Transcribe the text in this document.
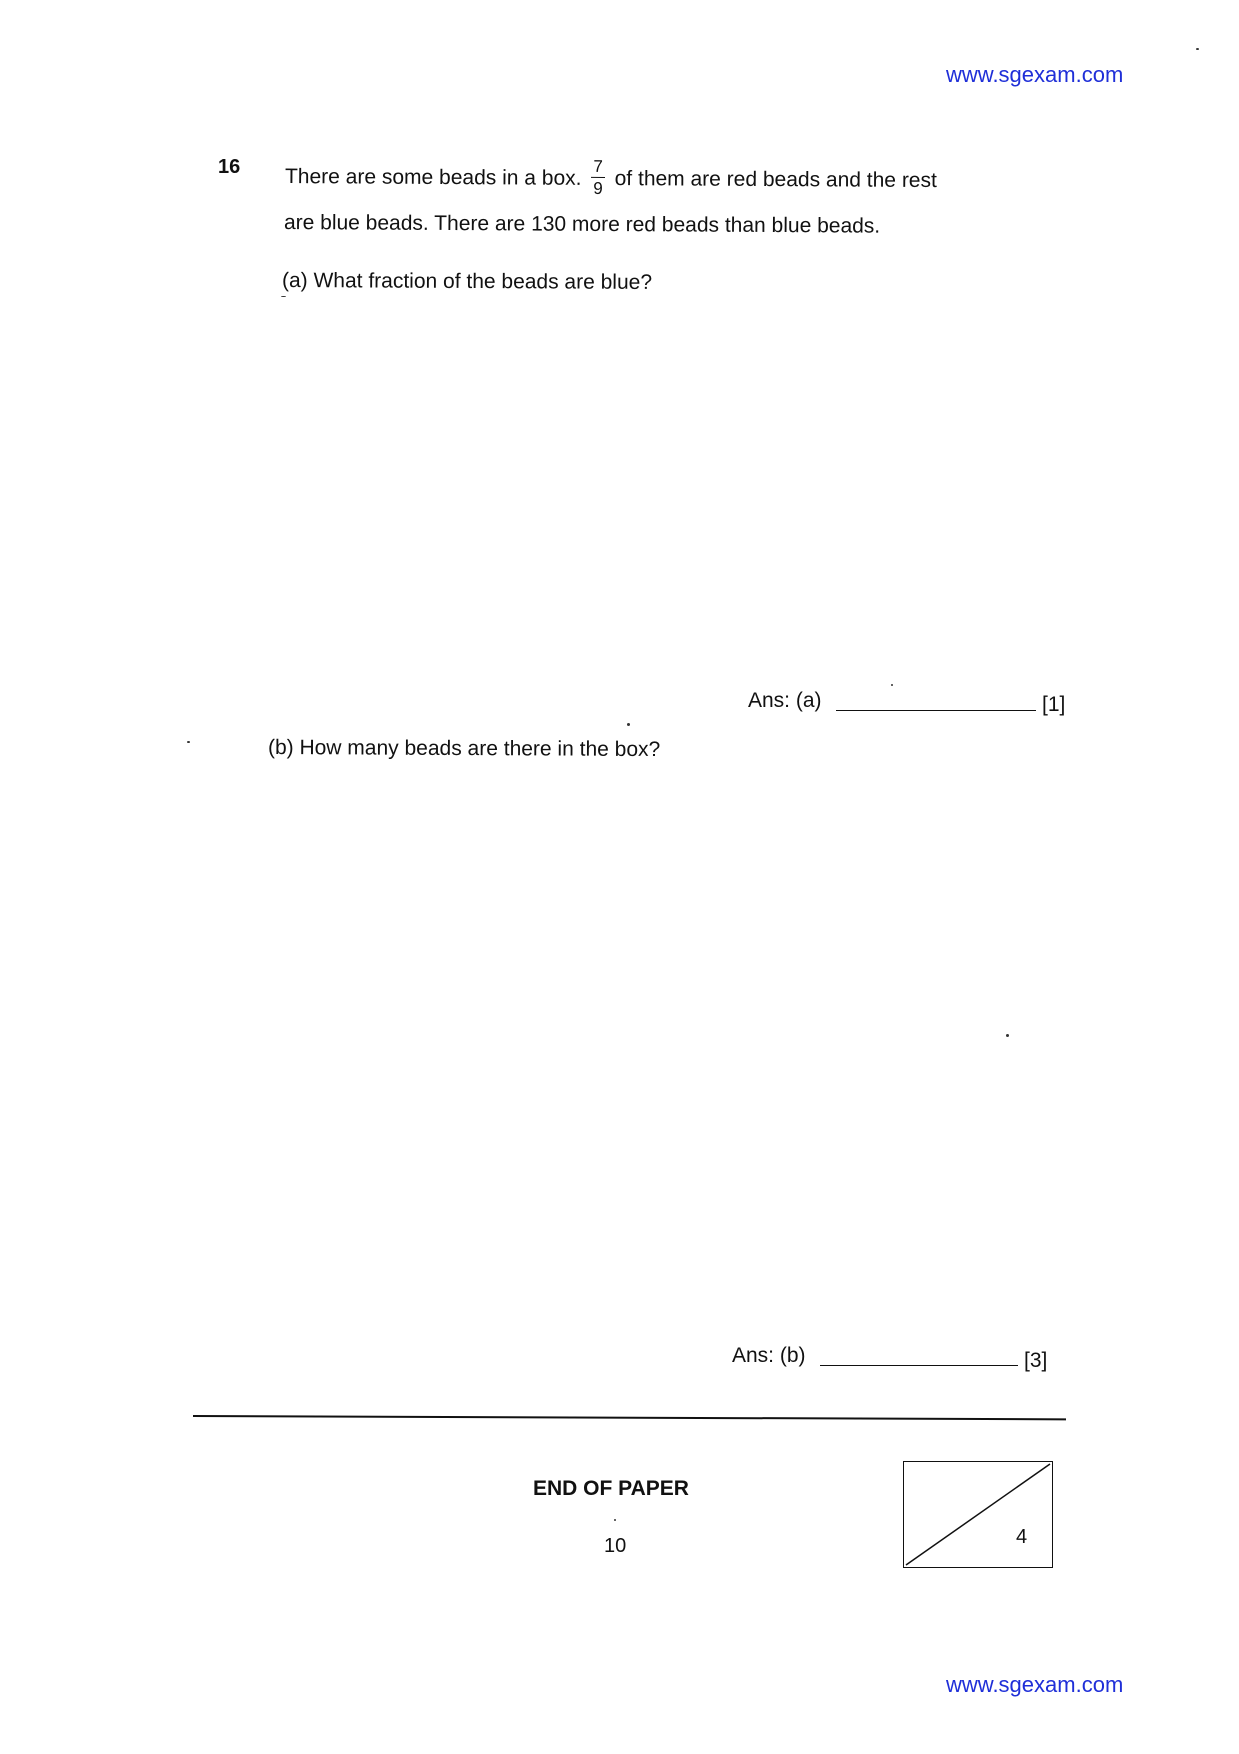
www.sgexam.com
16 There are some beads in a box. $\frac{7}{9}$ of them are red beads and the rest
are blue beads. There are 130 more red beads than blue beads.
(a) What fraction of the beads are blue?
Ans: (a)	[1]
(b) How many beads are there in the box?
Ans: (b)	[3]
END OF PAPER
10	4
www.sgexam.com
